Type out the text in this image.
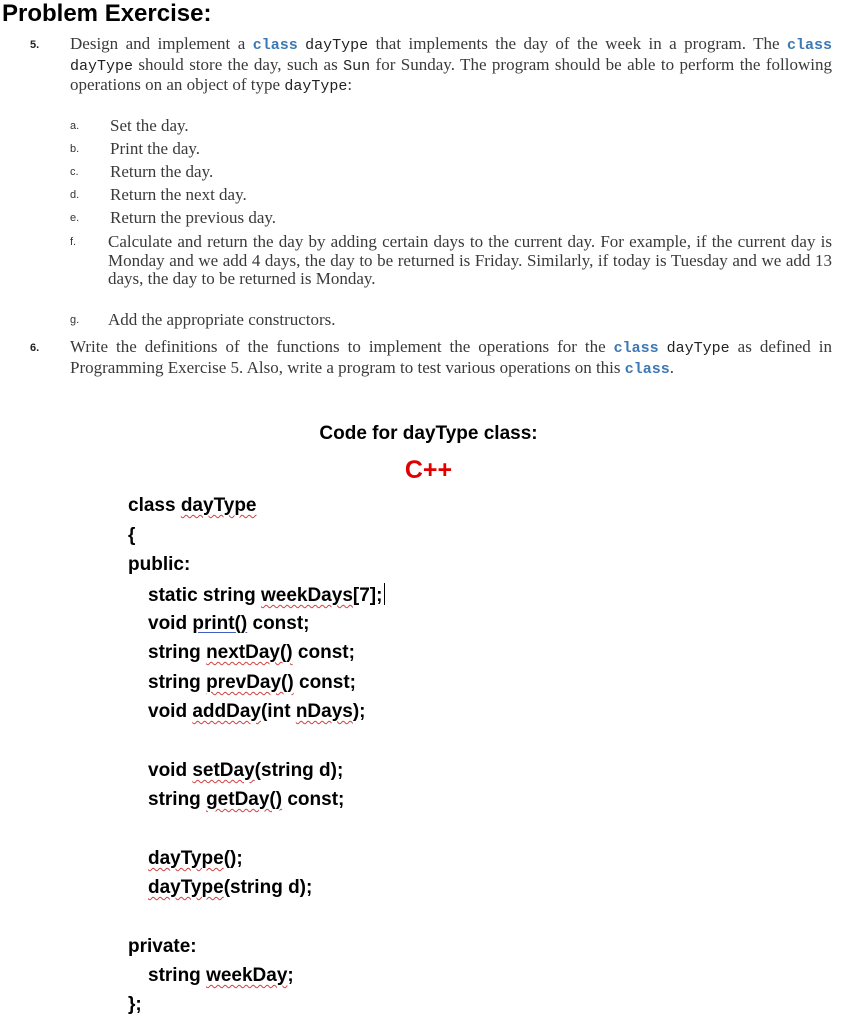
Problem Exercise:
5. Design and implement a class dayType that implements the day of the week in a program. The class dayType should store the day, such as Sun for Sunday. The program should be able to perform the following operations on an object of type dayType:
a. Set the day.
b. Print the day.
c. Return the day.
d. Return the next day.
e. Return the previous day.
f. Calculate and return the day by adding certain days to the current day. For example, if the current day is Monday and we add 4 days, the day to be returned is Friday. Similarly, if today is Tuesday and we add 13 days, the day to be returned is Monday.
g. Add the appropriate constructors.
6. Write the definitions of the functions to implement the operations for the class dayType as defined in Programming Exercise 5. Also, write a program to test various operations on this class.
Code for dayType class:
C++
class dayType
{
public:
static string weekDays[7];
void print() const;
string nextDay() const;
string prevDay() const;
void addDay(int nDays);
void setDay(string d);
string getDay() const;
dayType();
dayType(string d);
private:
string weekDay;
};
